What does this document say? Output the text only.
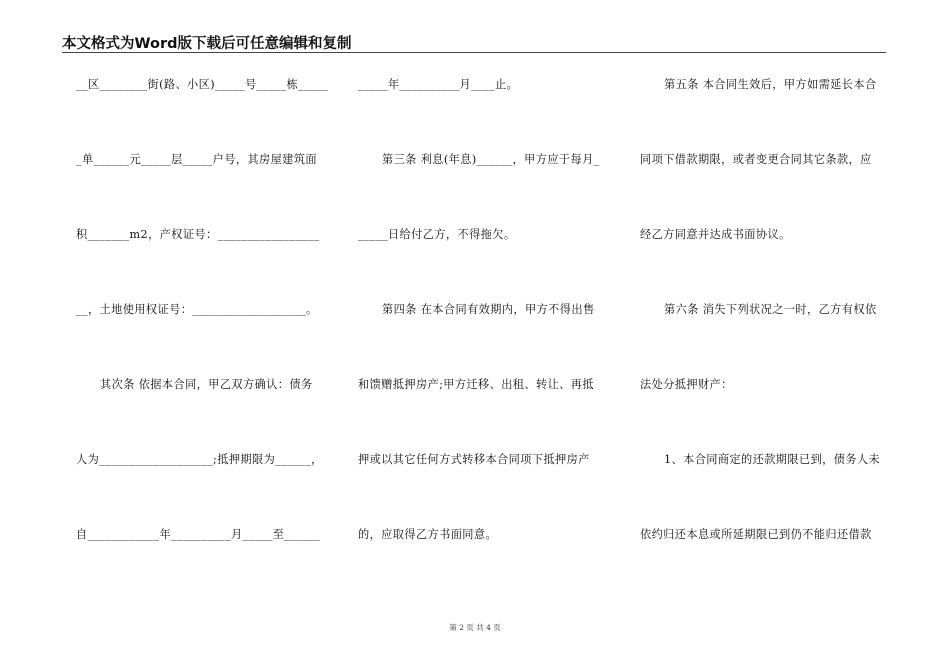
本文格式为Word版下载后可任意编辑和复制
__区________街(路、小区)_____号_____栋_____
_单______元_____层_____户号，其房屋建筑面
积_______m2，产权证号：_________________
__，土地使用权证号：___________________。
其次条 依据本合同，甲乙双方确认：债务
人为___________________;抵押期限为______，
自____________年__________月_____至______
_____年__________月____止。
第三条 利息(年息)______，甲方应于每月_
_____日给付乙方，不得拖欠。
第四条 在本合同有效期内，甲方不得出售
和馈赠抵押房产;甲方迁移、出租、转让、再抵
押或以其它任何方式转移本合同项下抵押房产
的，应取得乙方书面同意。
第五条 本合同生效后，甲方如需延长本合
同项下借款期限，或者变更合同其它条款，应
经乙方同意并达成书面协议。
第六条 消失下列状况之一时，乙方有权依
法处分抵押财产：
1、本合同商定的还款期限已到，债务人未
依约归还本息或所延期限已到仍不能归还借款
第 2 页 共 4 页
